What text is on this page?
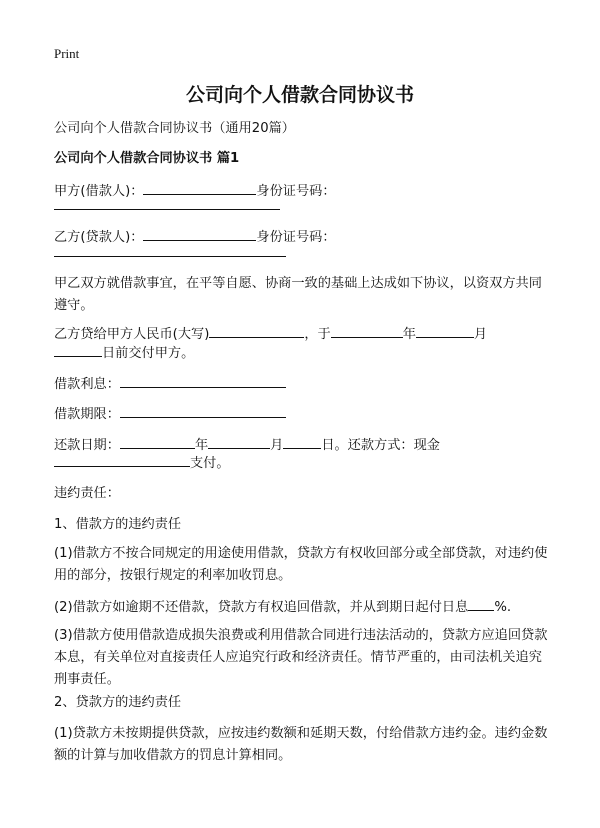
Print
公司向个人借款合同协议书
公司向个人借款合同协议书（通用20篇）
公司向个人借款合同协议书 篇1
甲方(借款人)：	身份证号码：
乙方(贷款人)：	身份证号码：
甲乙双方就借款事宜，在平等自愿、协商一致的基础上达成如下协议，以资双方共同遵守。
乙方贷给甲方人民币(大写)	，于	年	月
日前交付甲方。
借款利息：
借款期限：
还款日期：	年	月	日。还款方式：现金
支付。
违约责任：
1、借款方的违约责任
(1)借款方不按合同规定的用途使用借款，贷款方有权收回部分或全部贷款，对违约使用的部分，按银行规定的利率加收罚息。
(2)借款方如逾期不还借款，贷款方有权追回借款，并从到期日起付日息 %.
(3)借款方使用借款造成损失浪费或利用借款合同进行违法活动的，贷款方应追回贷款本息，有关单位对直接责任人应追究行政和经济责任。情节严重的，由司法机关追究刑事责任。
2、贷款方的违约责任
(1)贷款方未按期提供贷款，应按违约数额和延期天数，付给借款方违约金。违约金数额的计算与加收借款方的罚息计算相同。
